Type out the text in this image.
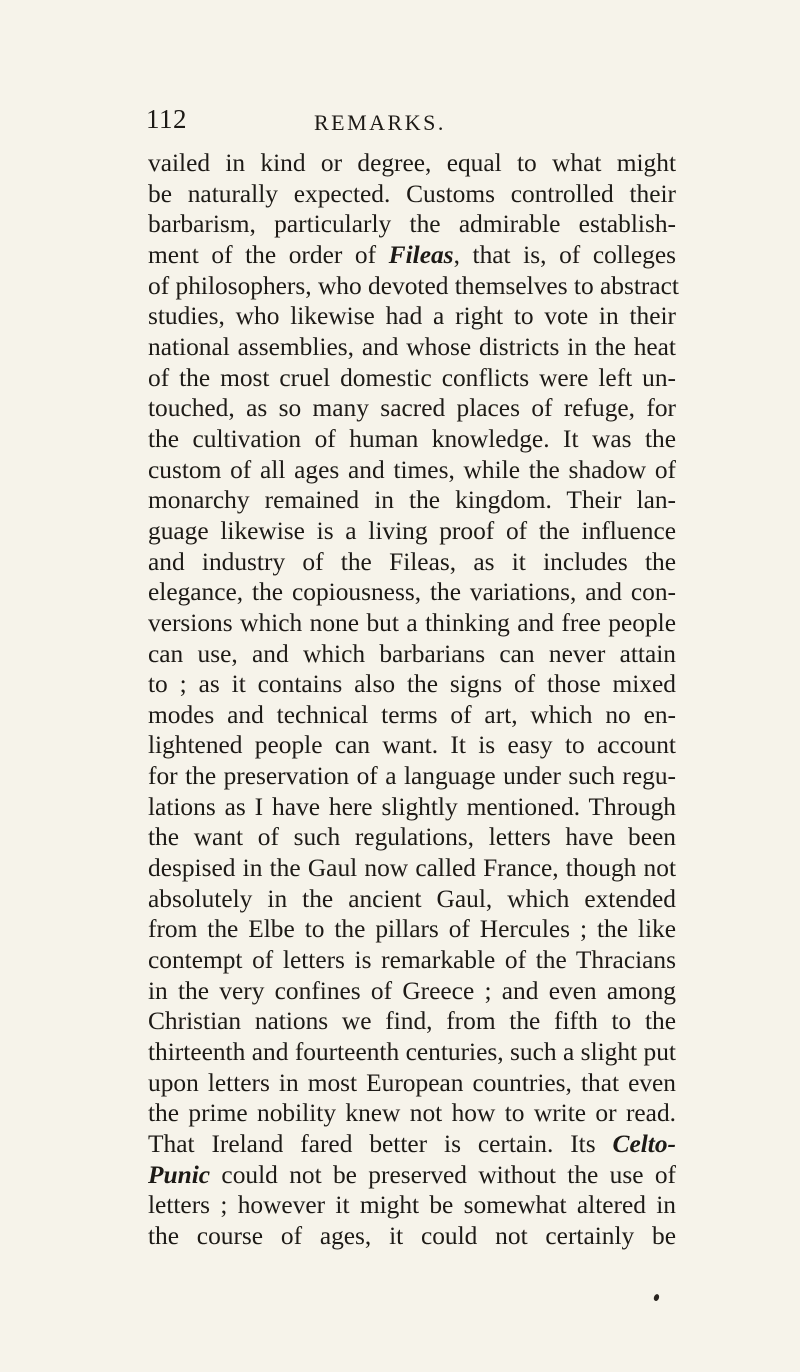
112	REMARKS.
vailed in kind or degree, equal to what might
be naturally expected. Customs controlled their
barbarism, particularly the admirable establish-
ment of the order of Fileas, that is, of colleges
of philosophers, who devoted themselves to abstract
studies, who likewise had a right to vote in their
national assemblies, and whose districts in the heat
of the most cruel domestic conflicts were left un-
touched, as so many sacred places of refuge, for
the cultivation of human knowledge. It was the
custom of all ages and times, while the shadow of
monarchy remained in the kingdom. Their lan-
guage likewise is a living proof of the influence
and industry of the Fileas, as it includes the
elegance, the copiousness, the variations, and con-
versions which none but a thinking and free people
can use, and which barbarians can never attain
to ; as it contains also the signs of those mixed
modes and technical terms of art, which no en-
lightened people can want. It is easy to account
for the preservation of a language under such regu-
lations as I have here slightly mentioned. Through
the want of such regulations, letters have been
despised in the Gaul now called France, though not
absolutely in the ancient Gaul, which extended
from the Elbe to the pillars of Hercules ; the like
contempt of letters is remarkable of the Thracians
in the very confines of Greece ; and even among
Christian nations we find, from the fifth to the
thirteenth and fourteenth centuries, such a slight put
upon letters in most European countries, that even
the prime nobility knew not how to write or read.
That Ireland fared better is certain. Its Celto-
Punic could not be preserved without the use of
letters ; however it might be somewhat altered in
the course of ages, it could not certainly be
